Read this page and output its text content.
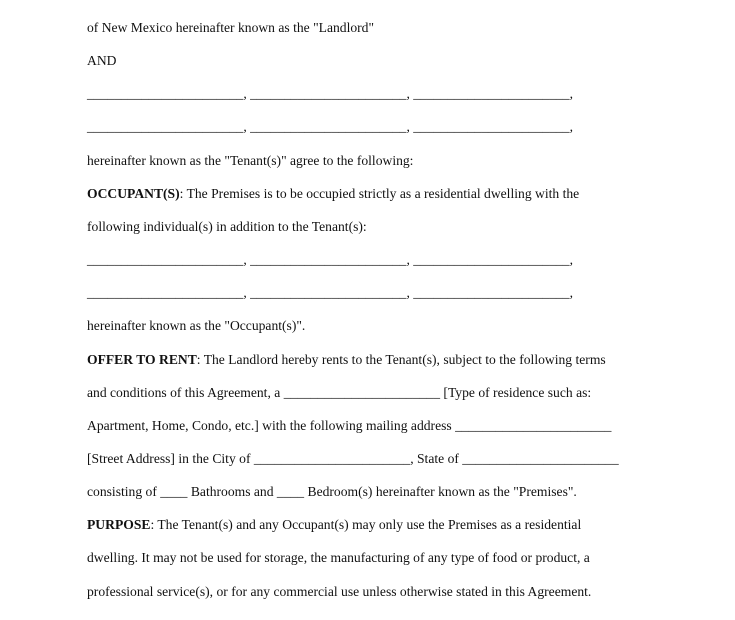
of New Mexico hereinafter known as the "Landlord"
AND
_______________________, _______________________, _______________________,
_______________________, _______________________, _______________________,
hereinafter known as the "Tenant(s)" agree to the following:
OCCUPANT(S): The Premises is to be occupied strictly as a residential dwelling with the
following individual(s) in addition to the Tenant(s):
_______________________, _______________________, _______________________,
_______________________, _______________________, _______________________,
hereinafter known as the "Occupant(s)".
OFFER TO RENT: The Landlord hereby rents to the Tenant(s), subject to the following terms
and conditions of this Agreement, a _______________________ [Type of residence such as:
Apartment, Home, Condo, etc.] with the following mailing address _______________________
[Street Address] in the City of _______________________, State of _______________________
consisting of ____ Bathrooms and ____ Bedroom(s) hereinafter known as the "Premises".
PURPOSE: The Tenant(s) and any Occupant(s) may only use the Premises as a residential
dwelling. It may not be used for storage, the manufacturing of any type of food or product, a
professional service(s), or for any commercial use unless otherwise stated in this Agreement.
